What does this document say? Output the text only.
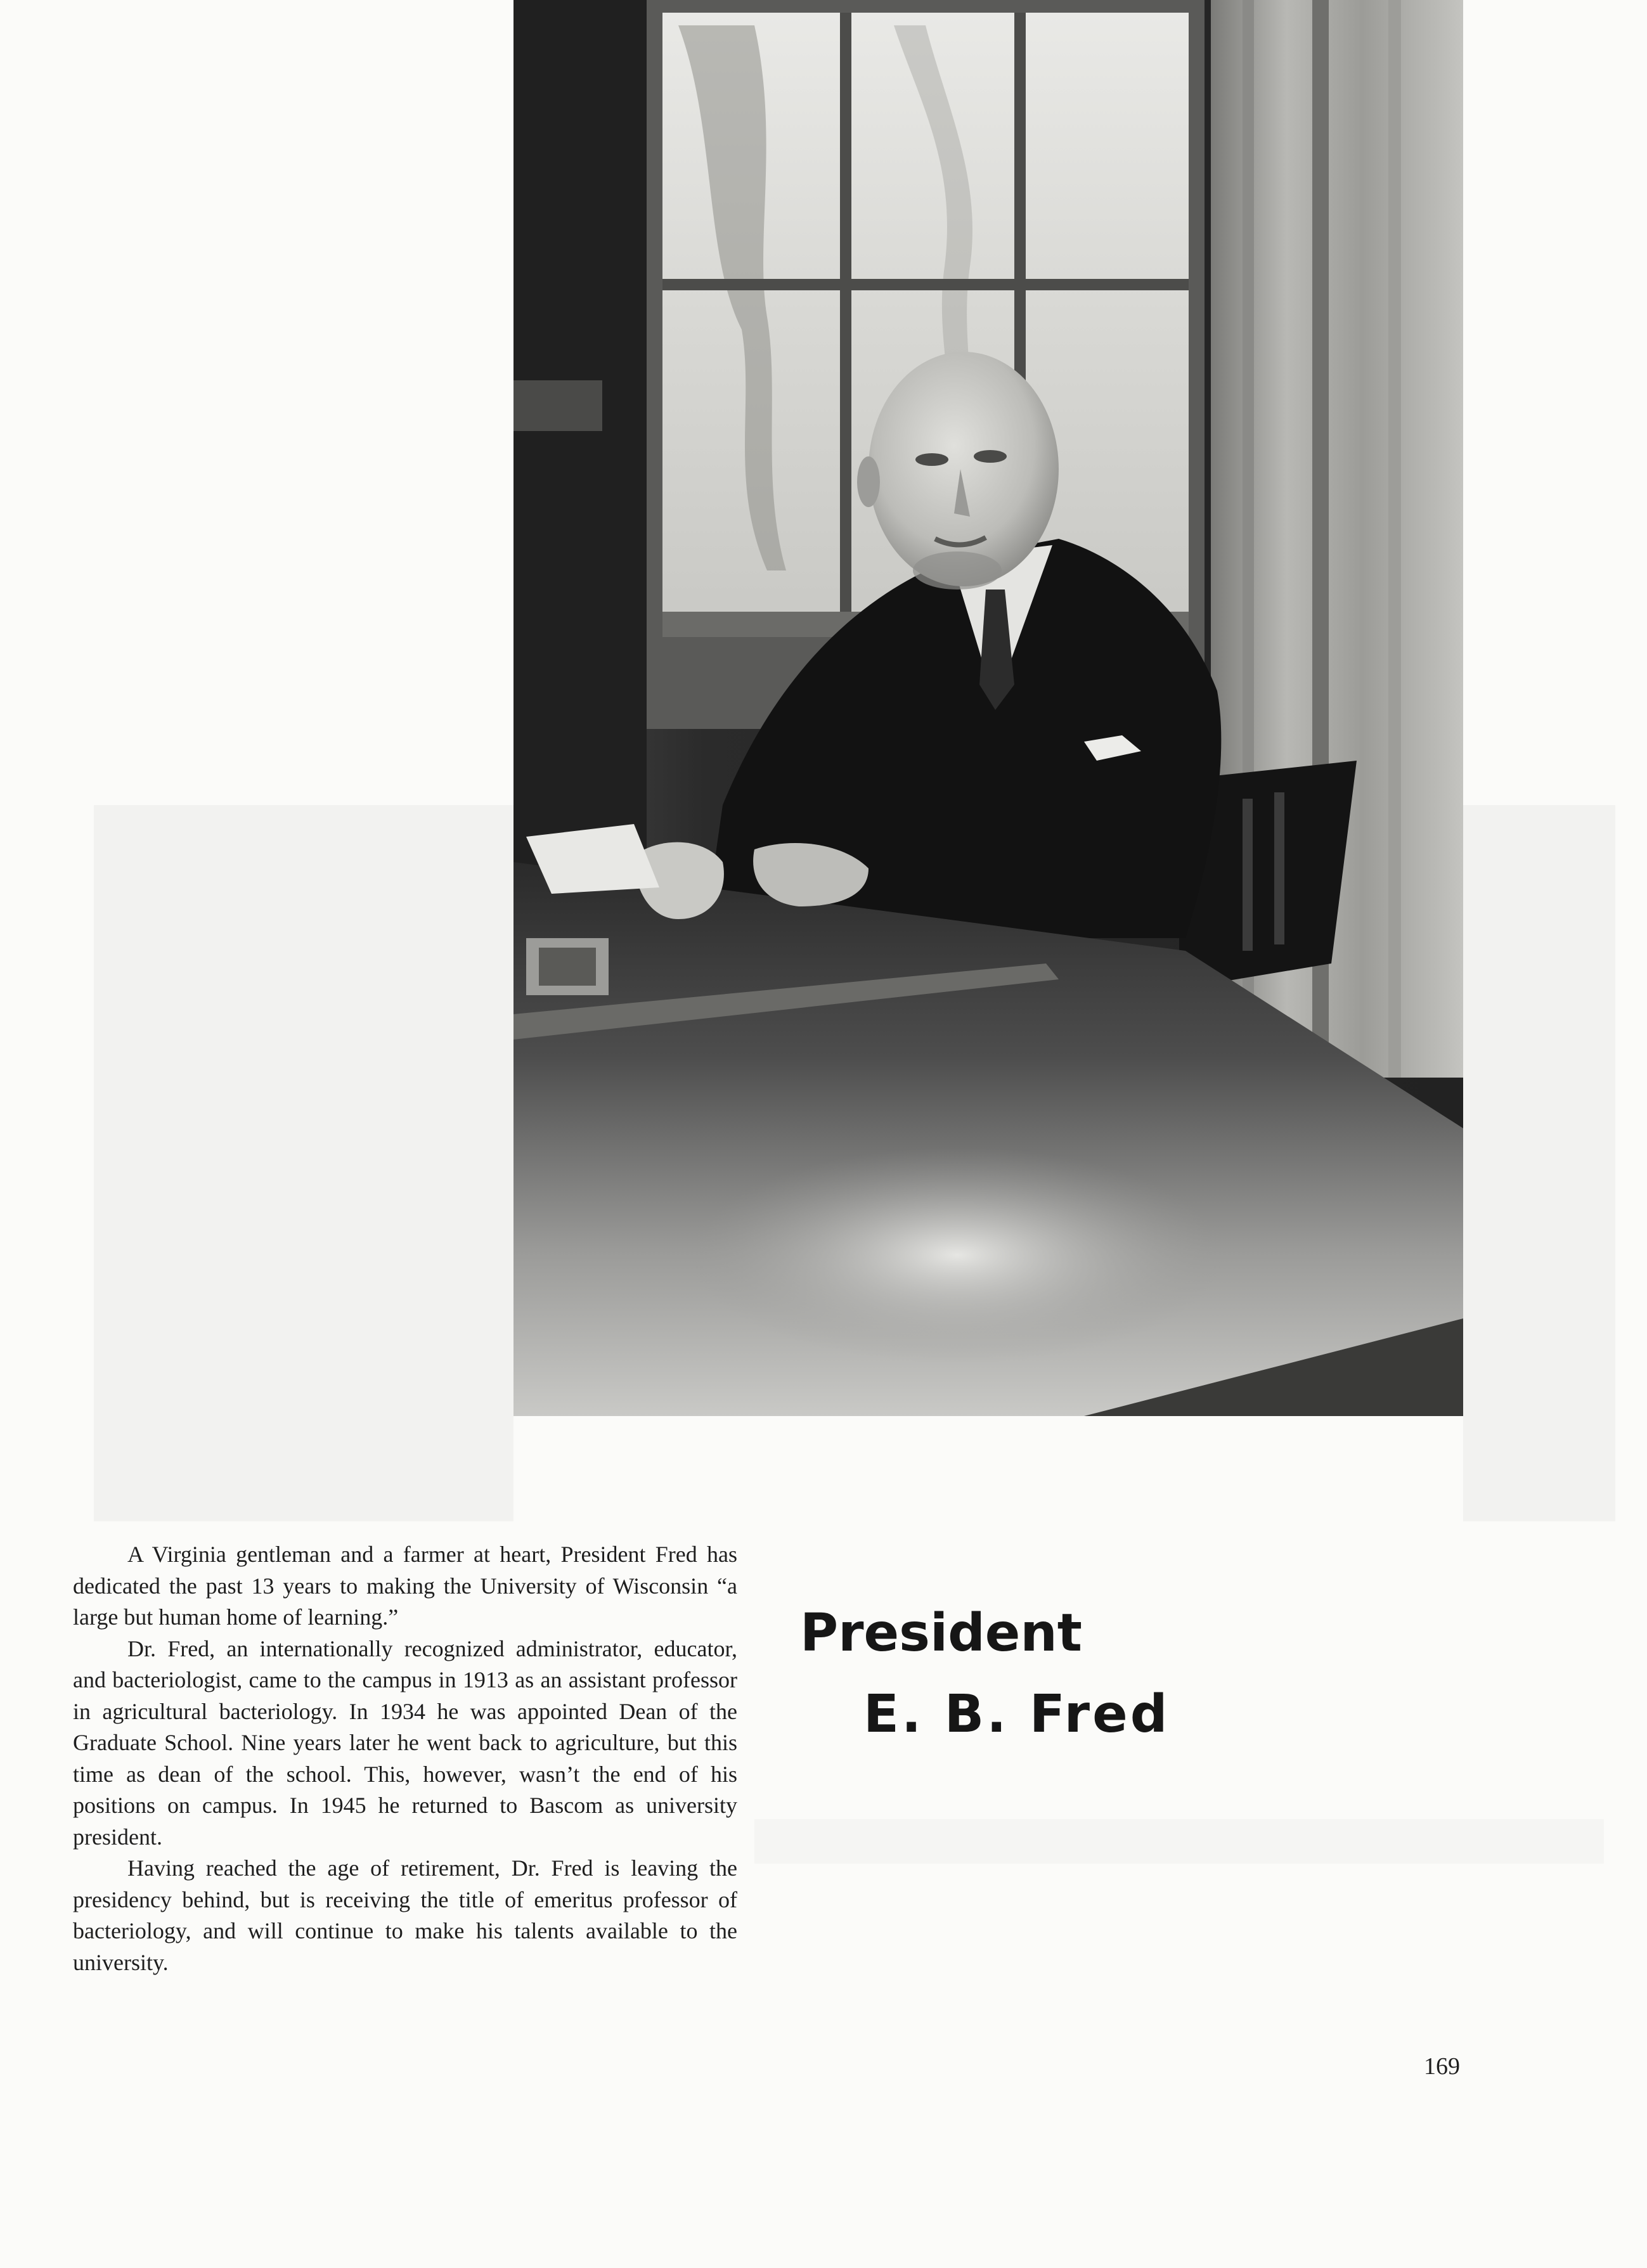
A Virginia gentleman and a farmer at heart, President Fred has dedicated the past 13 years to making the University of Wisconsin “a large but human home of learning.”

Dr. Fred, an internationally recognized administrator, educator, and bacteriologist, came to the campus in 1913 as an assistant professor in agricultural bacteriology. In 1934 he was appointed Dean of the Graduate School. Nine years later he went back to agriculture, but this time as dean of the school. This, however, wasn’t the end of his positions on campus. In 1945 he returned to Bascom as university president.

Having reached the age of retirement, Dr. Fred is leaving the presidency behind, but is receiving the title of emeritus professor of bacteriology, and will continue to make his talents available to the university.

President
E. B. Fred
169
